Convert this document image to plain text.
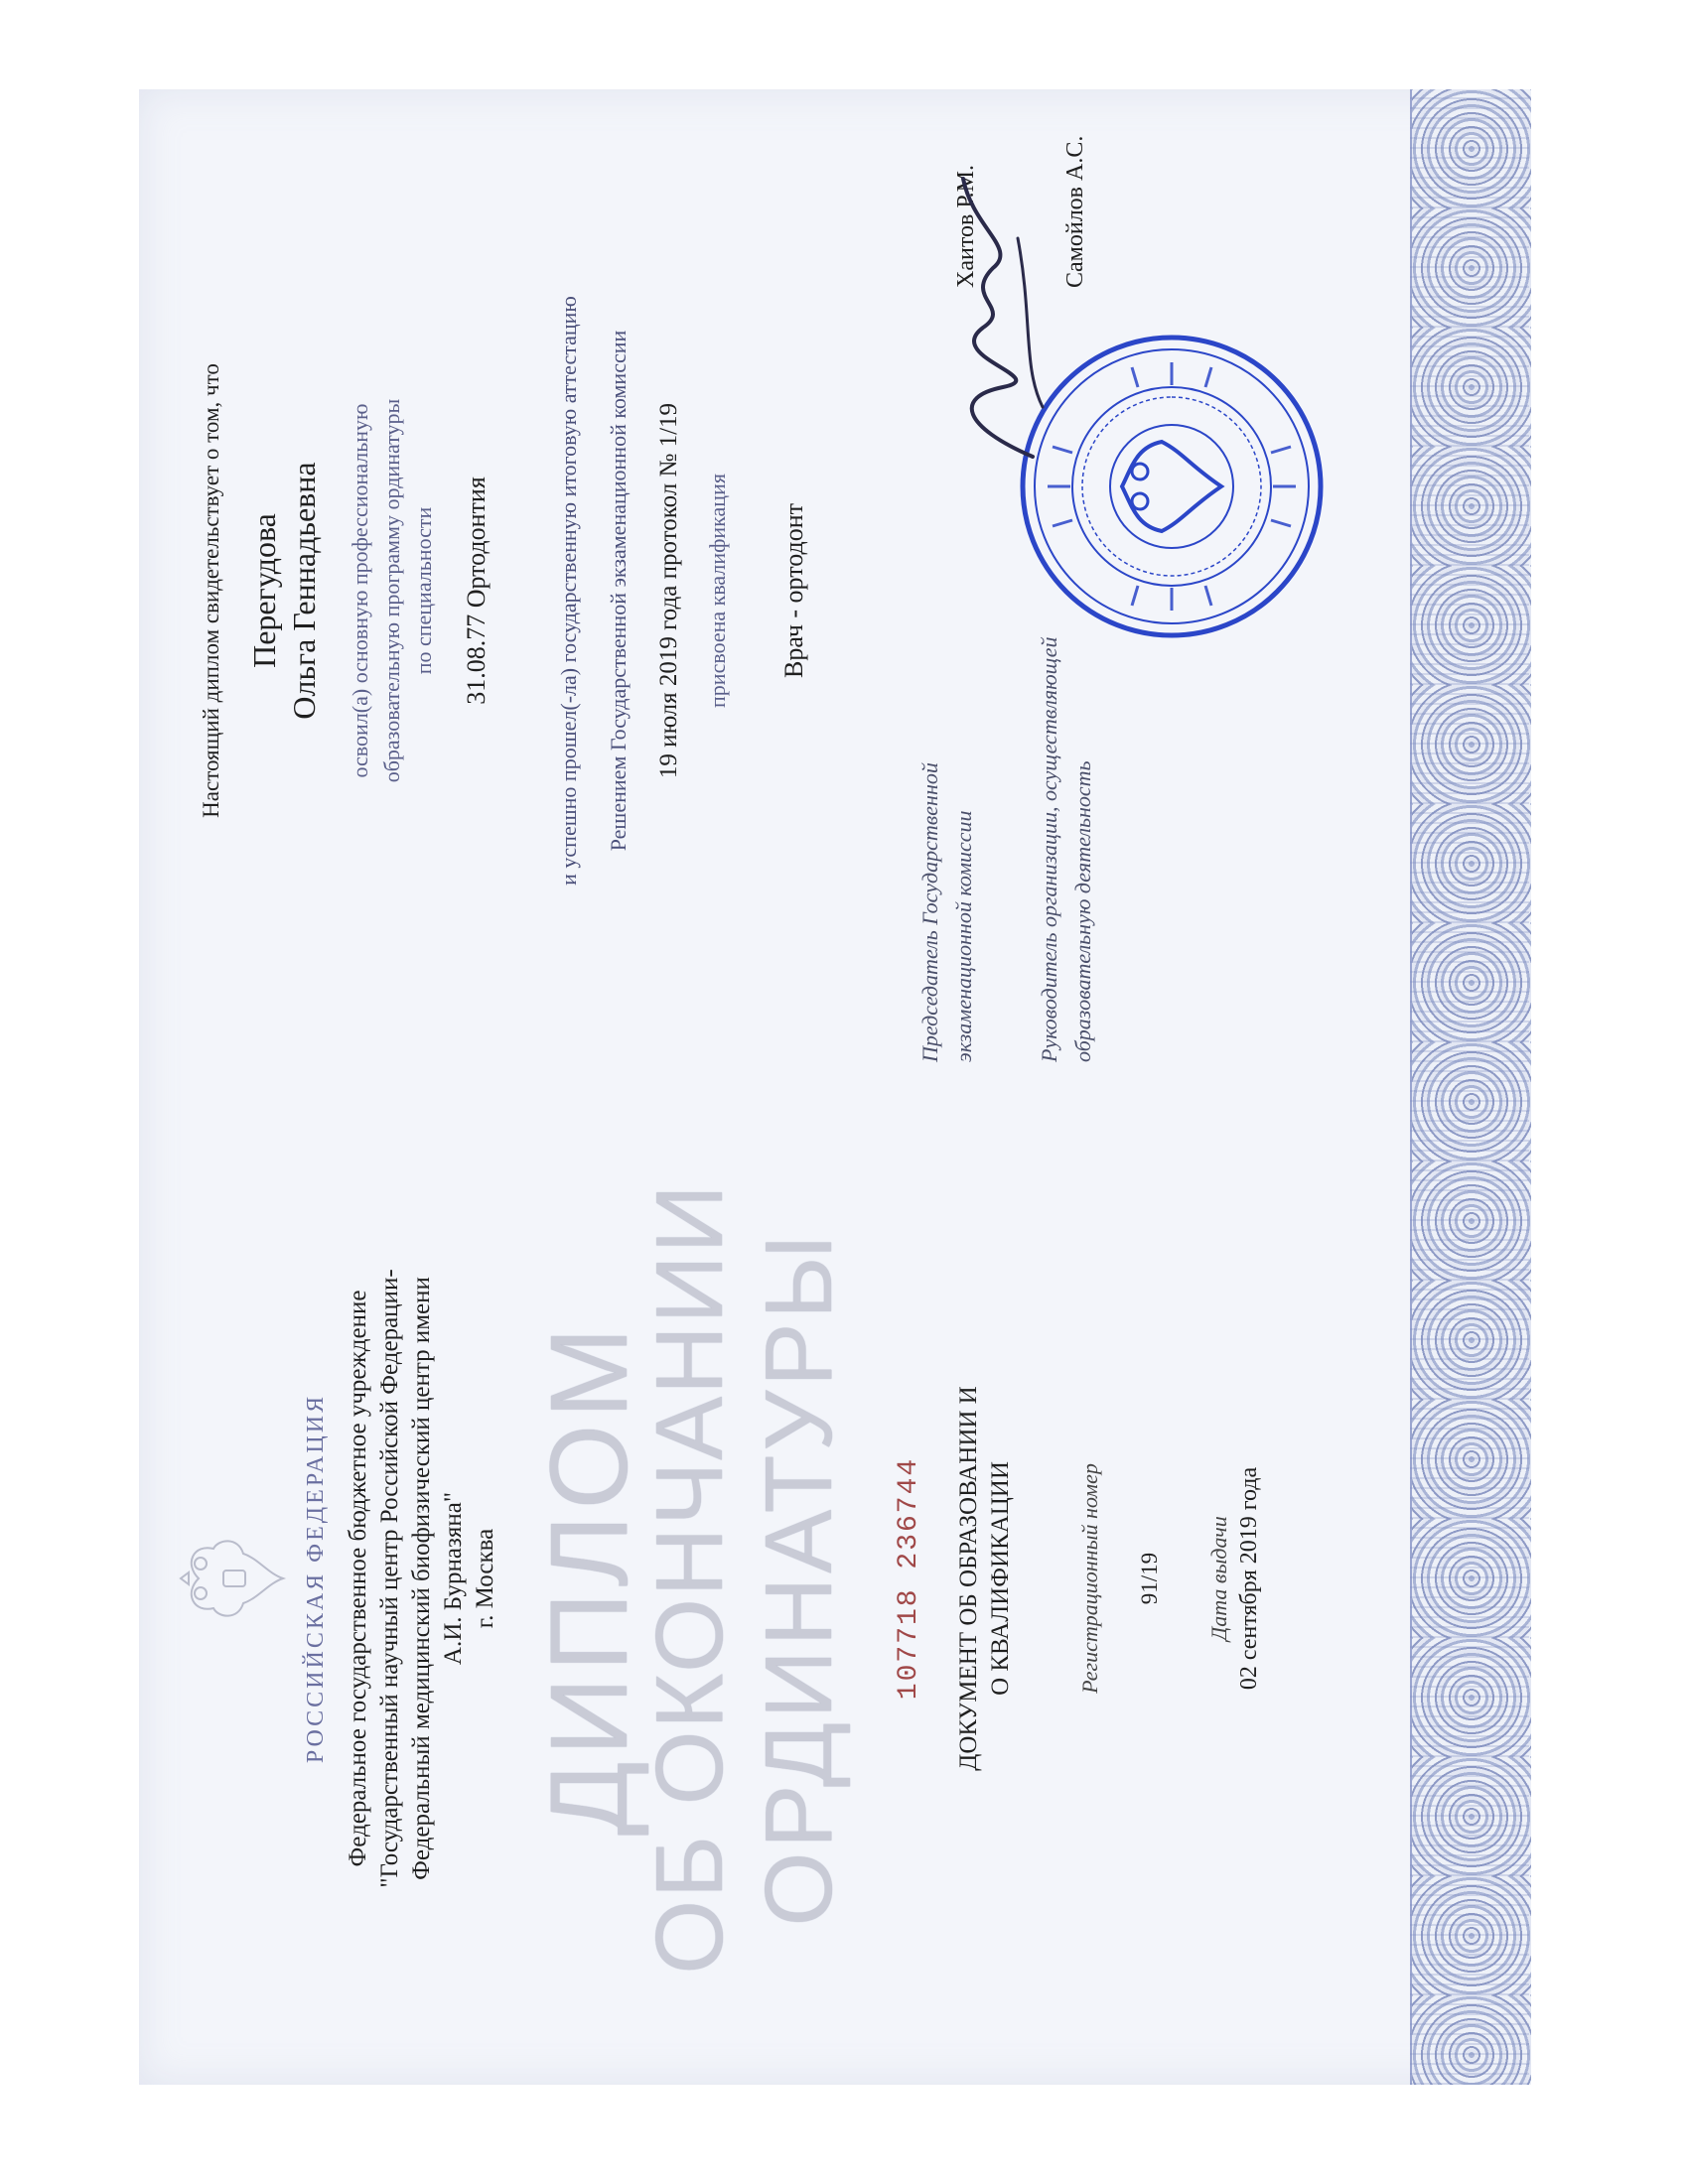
РОССИЙСКАЯ ФЕДЕРАЦИЯ Федеральное государственное бюджетное учреждение "Государственный научный центр Российской Федерации- Федеральный медицинский биофизический центр имени А.И. Бурназяна" г. Москва ДИПЛОМ
ОБ ОКОНЧАНИИ ОРДИНАТУРЫ 107718 236744 ДОКУМЕНТ ОБ ОБРАЗОВАНИИ И О КВАЛИФИКАЦИИ	Регистрационный номер 91/19 Дата выдачи 02 сентября 2019 года
Настоящий диплом свидетельствует о том, что Перегудова Ольга Геннадьевна освоил(а) основную профессиональную образовательную программу ординатуры по специальности 31.08.77 Ортодонтия	и успешно прошел(-ла) государственную итоговую аттестацию Решением Государственной экзаменационной комиссии 19 июля 2019 года протокол № 1/19 присвоена квалификация Врач - ортодонт
Председатель Государственной экзаменационной комиссии
Хаитов Р.М.
Руководитель организации, осуществляющей образовательную деятельность
Самойлов А.С.
